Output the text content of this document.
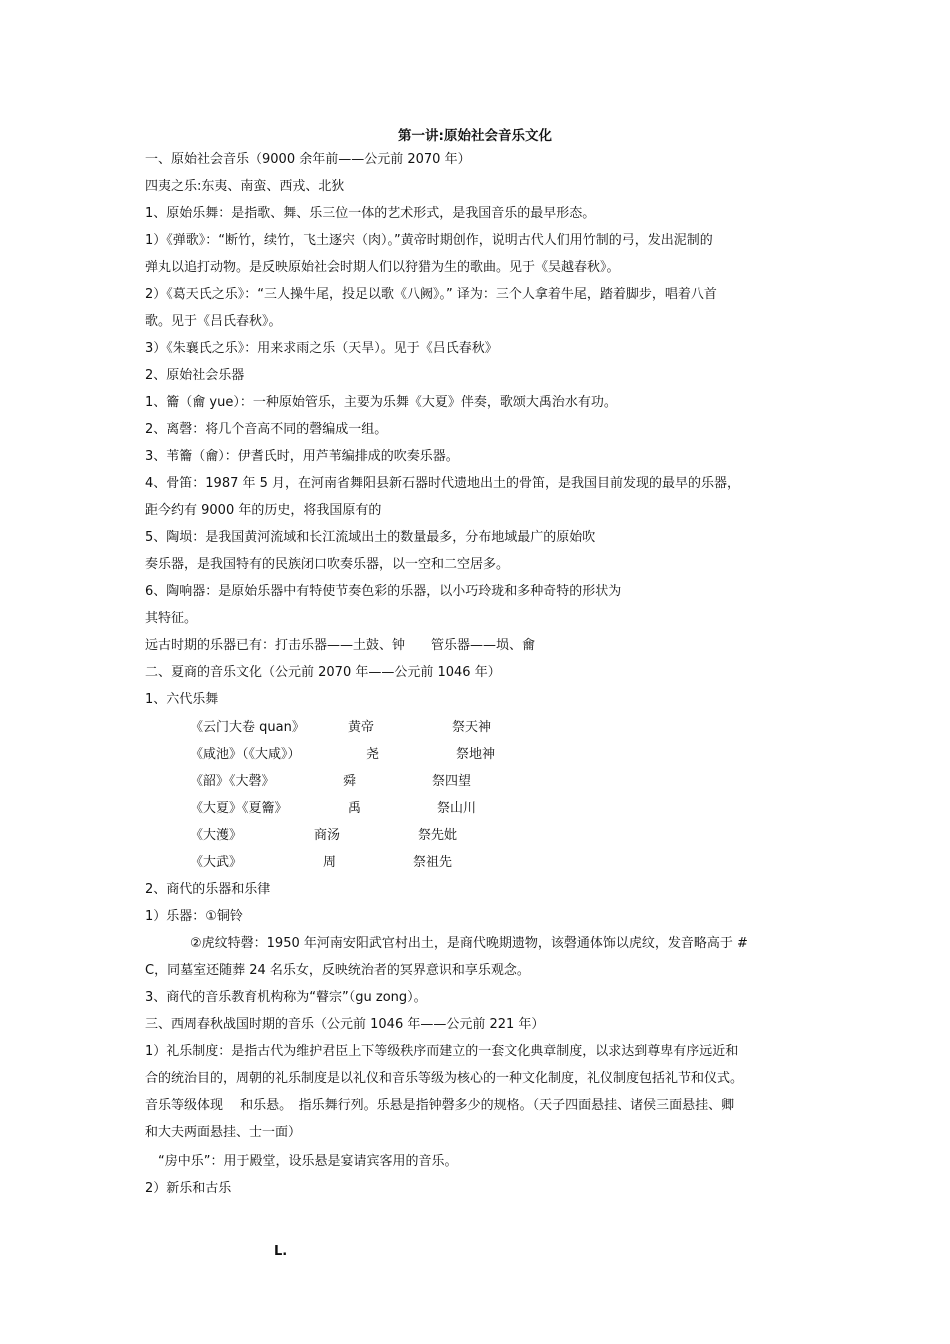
第一讲:原始社会音乐文化
一、原始社会音乐（9000 余年前——公元前 2070 年）
四夷之乐:东夷、南蛮、西戎、北狄
1、原始乐舞：是指歌、舞、乐三位一体的艺术形式，是我国音乐的最早形态。
1）《弹歌》：“断竹，续竹，飞土逐宍（肉）。”黄帝时期创作，说明古代人们用竹制的弓，发出泥制的
弹丸以追打动物。是反映原始社会时期人们以狩猎为生的歌曲。见于《吴越春秋》。
2）《葛天氏之乐》：“三人操牛尾，投足以歌《八阙》。” 译为：三个人拿着牛尾，踏着脚步，唱着八首
歌。见于《吕氏春秋》。
3）《朱襄氏之乐》：用来求雨之乐（天旱）。见于《吕氏春秋》
2、原始社会乐器
1、籥（龠 yue）：一种原始管乐，主要为乐舞《大夏》伴奏，歌颂大禹治水有功。
2、离磬：将几个音高不同的磬编成一组。
3、苇籥（龠）：伊耆氏时，用芦苇编排成的吹奏乐器。
4、骨笛：1987 年 5 月，在河南省舞阳县新石器时代遗地出土的骨笛，是我国目前发现的最早的乐器，
距今约有 9000 年的历史，将我国原有的
5、陶埙：是我国黄河流域和长江流域出土的数量最多，分布地域最广的原始吹
奏乐器，是我国特有的民族闭口吹奏乐器，以一空和二空居多。
6、陶响器：是原始乐器中有特使节奏色彩的乐器，以小巧玲珑和多种奇特的形状为
其特征。
远古时期的乐器已有：打击乐器——土鼓、钟　　管乐器——埙、龠
二、夏商的音乐文化（公元前 2070 年——公元前 1046 年）
1、六代乐舞
《云门大卷 quan》	黄帝	祭天神
《咸池》（《大咸》）	尧	祭地神
《韶》《大磬》	舜	祭四望
《大夏》《夏籥》	禹	祭山川
《大濩》	商汤	祭先妣
《大武》	周	祭祖先
2、商代的乐器和乐律
1）乐器：①铜铃
②虎纹特磬：1950 年河南安阳武官村出土，是商代晚期遗物，该磬通体饰以虎纹，发音略高于 #
C，同墓室还随葬 24 名乐女，反映统治者的冥界意识和享乐观念。
3、商代的音乐教育机构称为“瞽宗”（gu zong）。
三、西周春秋战国时期的音乐（公元前 1046 年——公元前 221 年）
1）礼乐制度：是指古代为维护君臣上下等级秩序而建立的一套文化典章制度，以求达到尊卑有序远近和
合的统治目的，周朝的礼乐制度是以礼仪和音乐等级为核心的一种文化制度，礼仪制度包括礼节和仪式。
音乐等级体现　 和乐悬。　指乐舞行列。乐悬是指钟磬多少的规格。（天子四面悬挂、诸侯三面悬挂、卿
和大夫两面悬挂、士一面）
“房中乐”：用于殿堂，设乐悬是宴请宾客用的音乐。
2）新乐和古乐
L.
